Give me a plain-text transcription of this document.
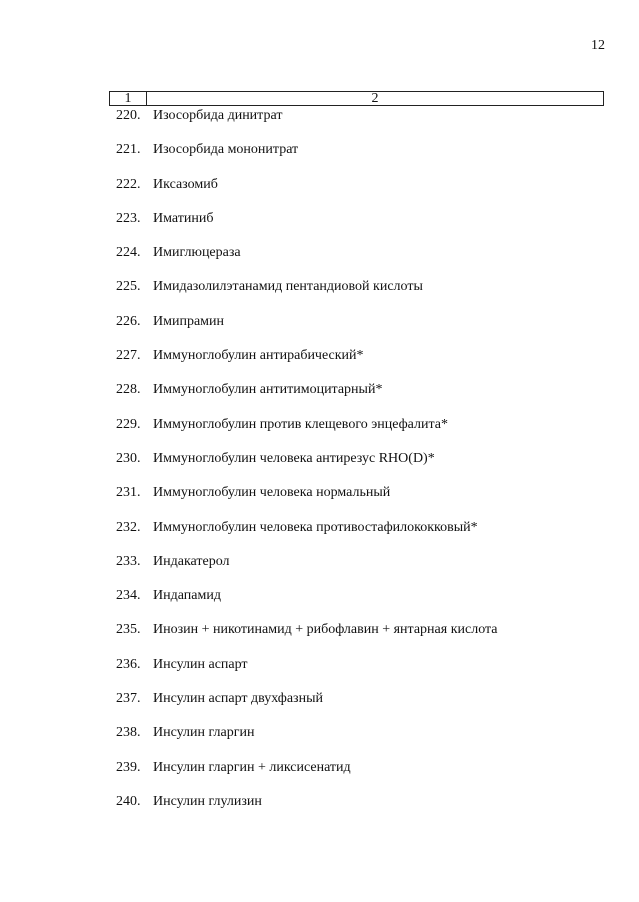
12
1	2
220. Изосорбида динитрат
221. Изосорбида мононитрат
222. Иксазомиб
223. Иматиниб
224. Имиглюцераза
225. Имидазолилэтанамид пентандиовой кислоты
226. Имипрамин
227. Иммуноглобулин антирабический*
228. Иммуноглобулин антитимоцитарный*
229. Иммуноглобулин против клещевого энцефалита*
230. Иммуноглобулин человека антирезус RHO(D)*
231. Иммуноглобулин человека нормальный
232. Иммуноглобулин человека противостафилококковый*
233. Индакатерол
234. Индапамид
235. Инозин + никотинамид + рибофлавин + янтарная кислота
236. Инсулин аспарт
237. Инсулин аспарт двухфазный
238. Инсулин гларгин
239. Инсулин гларгин + ликсисенатид
240. Инсулин глулизин
